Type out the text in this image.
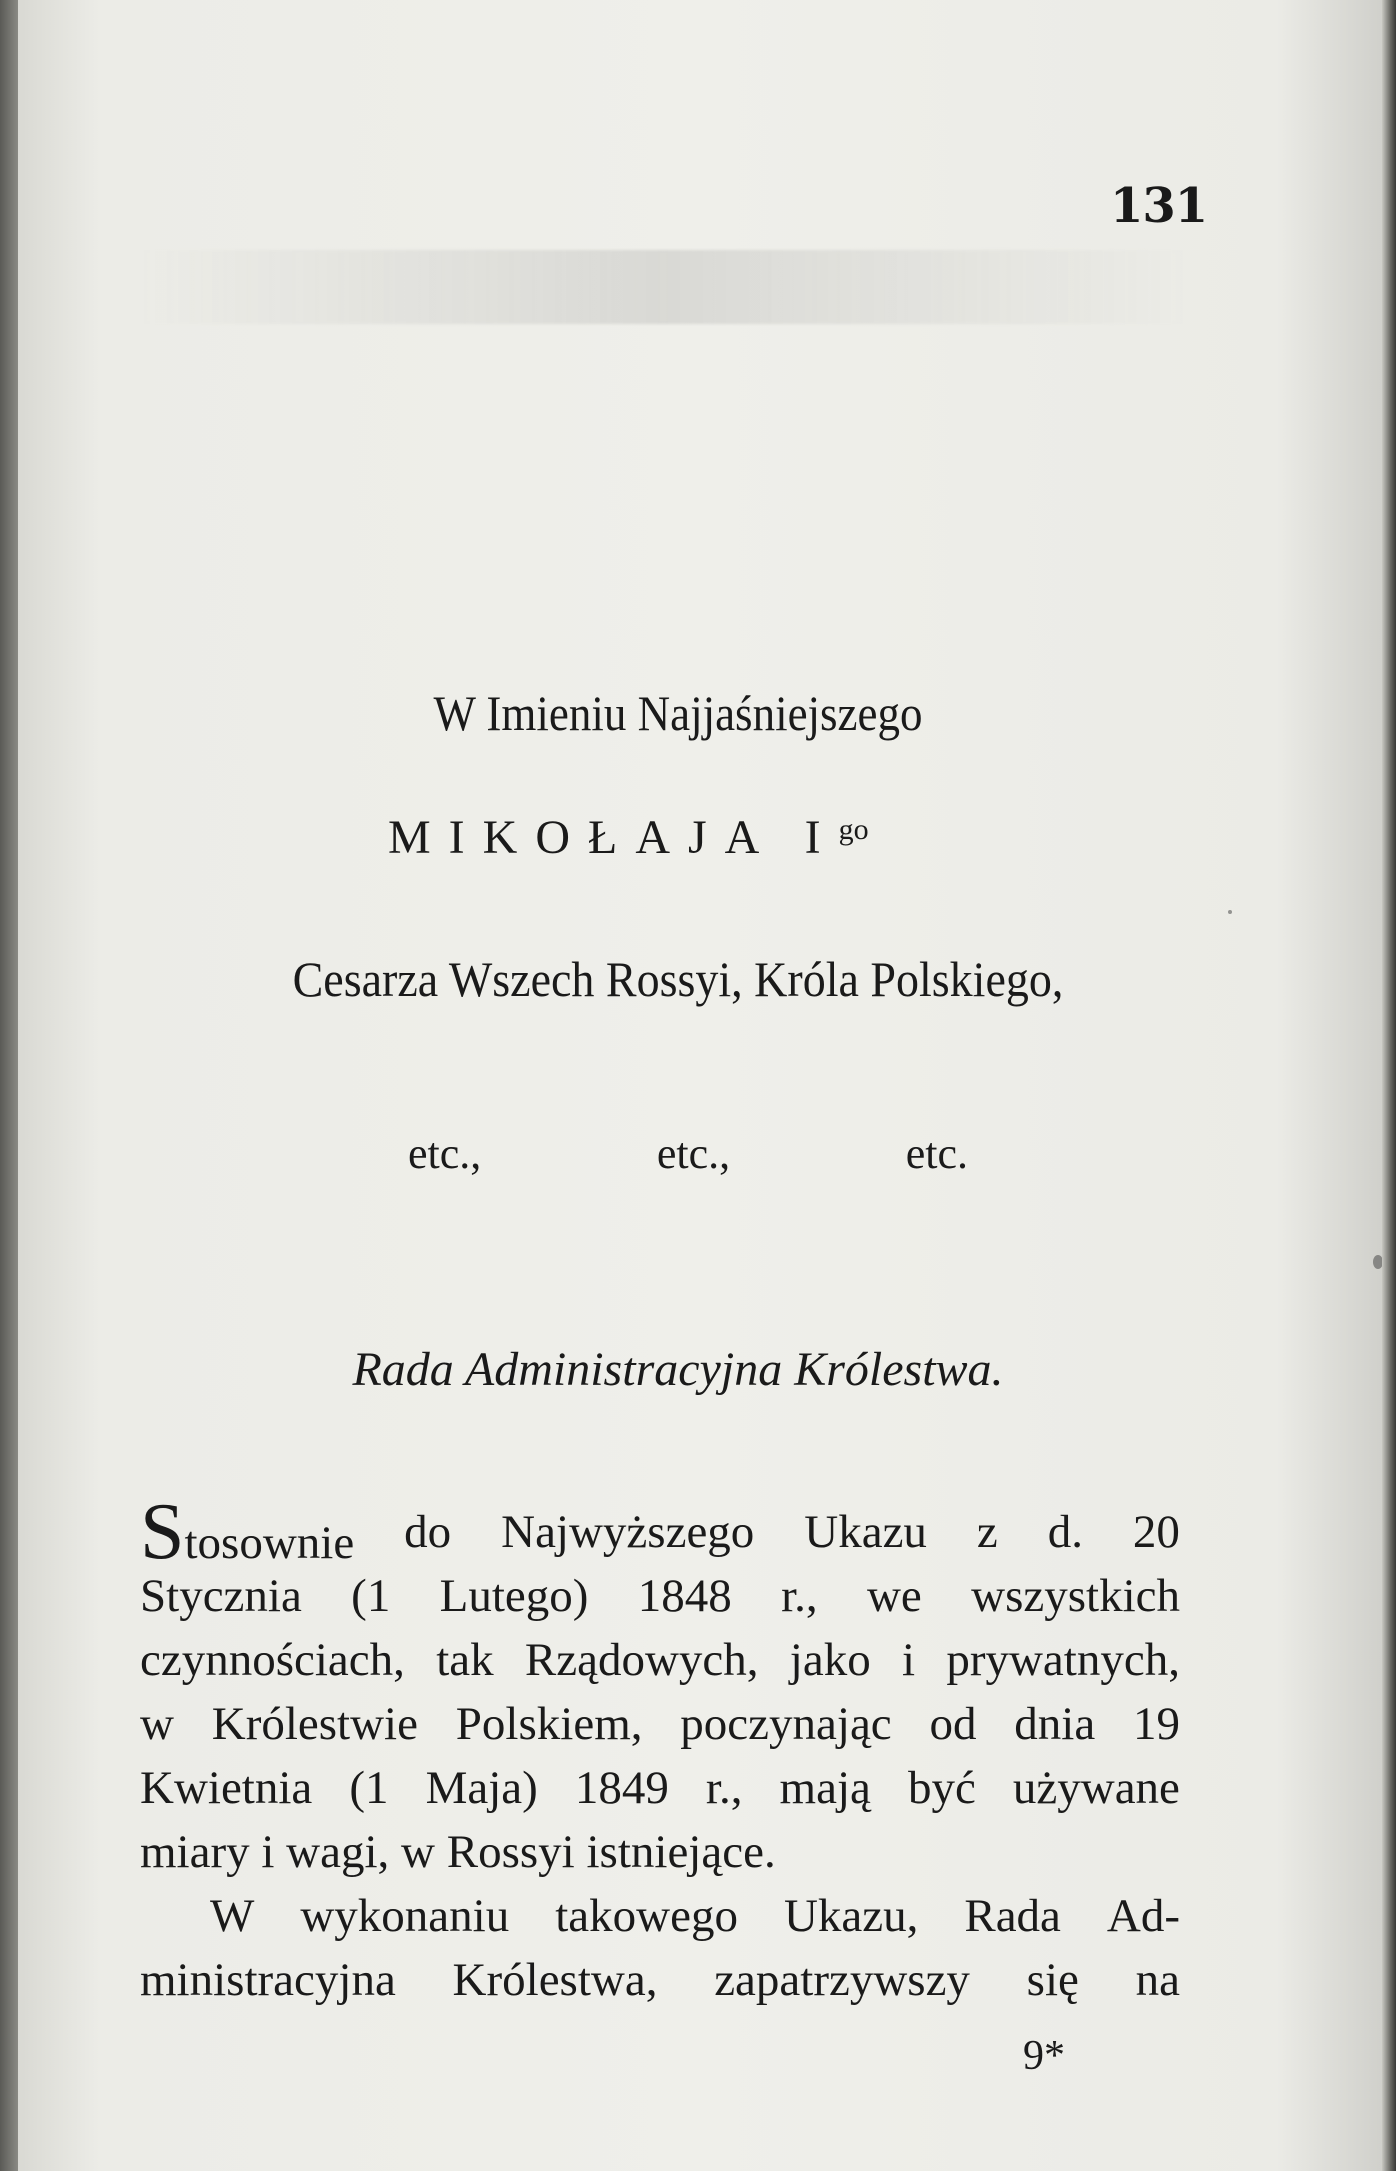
131
W Imieniu Najjaśniejszego
MIKOŁAJA $I^{go}$
Cesarza Wszech Rossyi, Króla Polskiego,
etc.,	etc.,	etc.
Rada Administracyjna Królestwa.
Stosownie do Najwyższego Ukazu z d. 20
Stycznia (1 Lutego) 1848 r., we wszystkich
czynnościach, tak Rządowych, jako i prywatnych,
w Królestwie Polskiem, poczynając od dnia 19
Kwietnia (1 Maja) 1849 r., mają być używane
miary i wagi, w Rossyi istniejące.
W wykonaniu takowego Ukazu, Rada Ad-
ministracyjna Królestwa, zapatrzywszy się na
9*
